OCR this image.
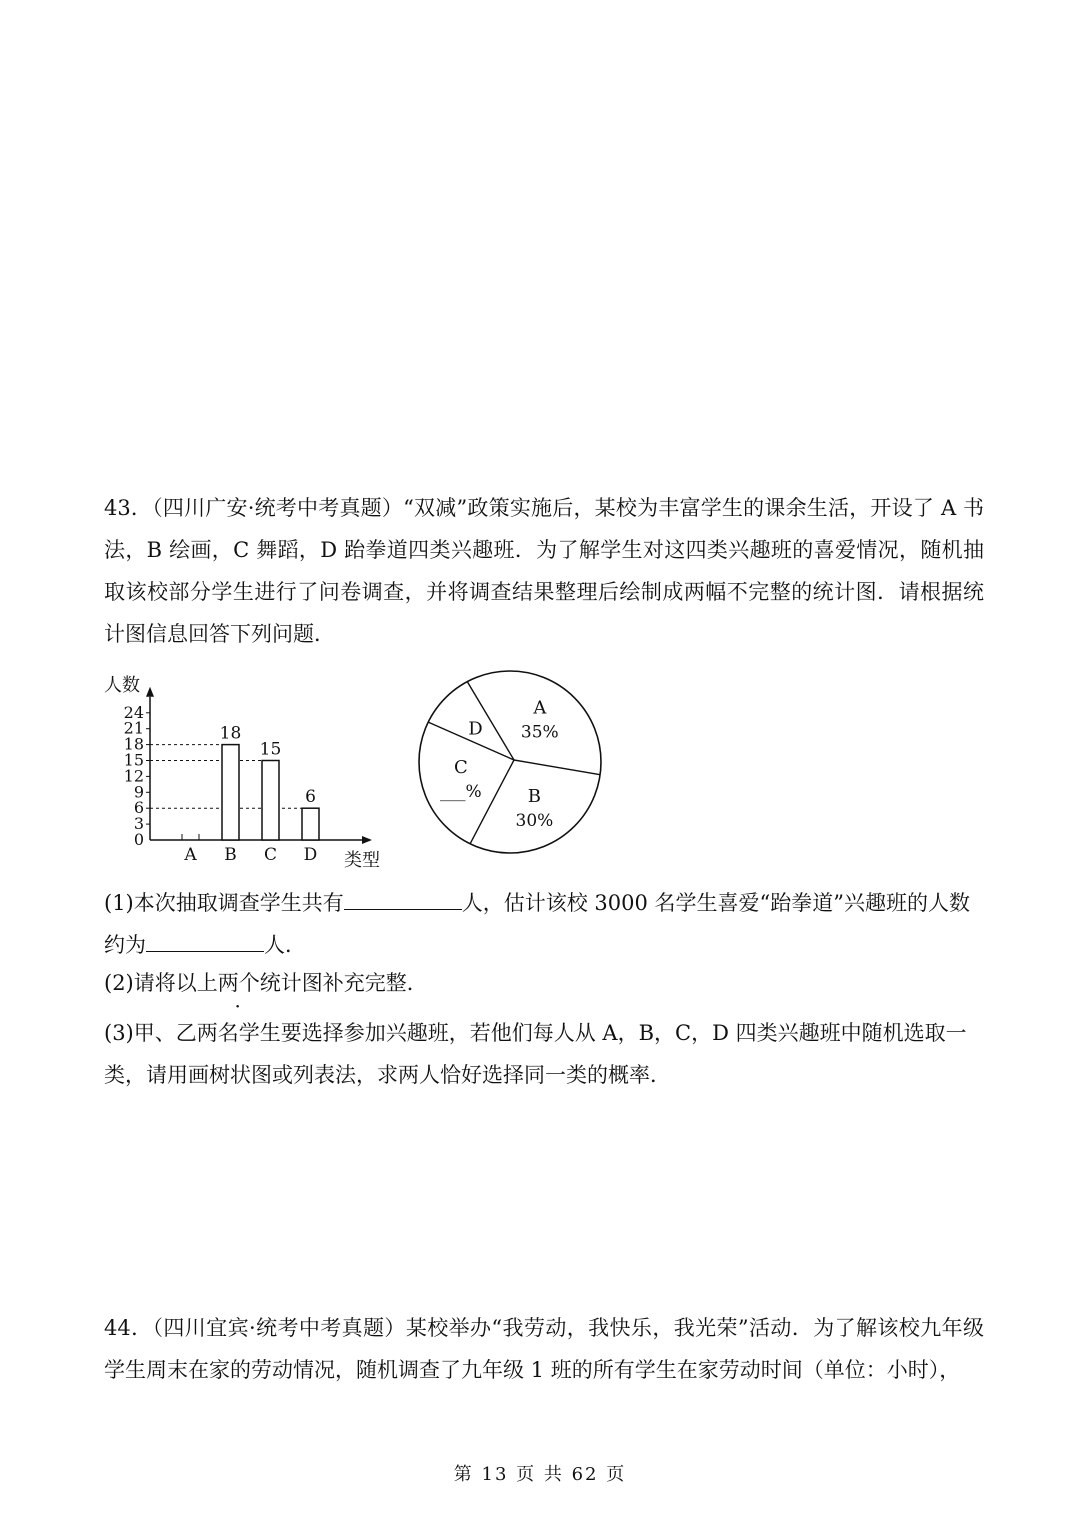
43．（四川广安·统考中考真题）“双减”政策实施后，某校为丰富学生的课余生活，开设了 A 书法，B 绘画，C 舞蹈，D 跆拳道四类兴趣班．为了解学生对这四类兴趣班的喜爱情况，随机抽取该校部分学生进行了问卷调查，并将调查结果整理后绘制成两幅不完整的统计图．请根据统计图信息回答下列问题．

人数
类型
0
3
6
9
12
15
18
21
24
A B
18
C
15
D
6
A
35%
B
30%
C
___%
D

(1)本次抽取调查学生共有	人，估计该校 3000 名学生喜爱“跆拳道”兴趣班的人数
约为	人．

(2)请将以上两个统计图补充完整．

(3)甲、乙两名学生要选择参加兴趣班，若他们每人从 A，B，C，D 四类兴趣班中随机选取一类，请用画树状图或列表法，求两人恰好选择同一类的概率．

44．（四川宜宾·统考中考真题）某校举办“我劳动，我快乐，我光荣”活动．为了解该校九年级学生周末在家的劳动情况，随机调查了九年级 1 班的所有学生在家劳动时间（单位：小时），

第 13 页 共 62 页
